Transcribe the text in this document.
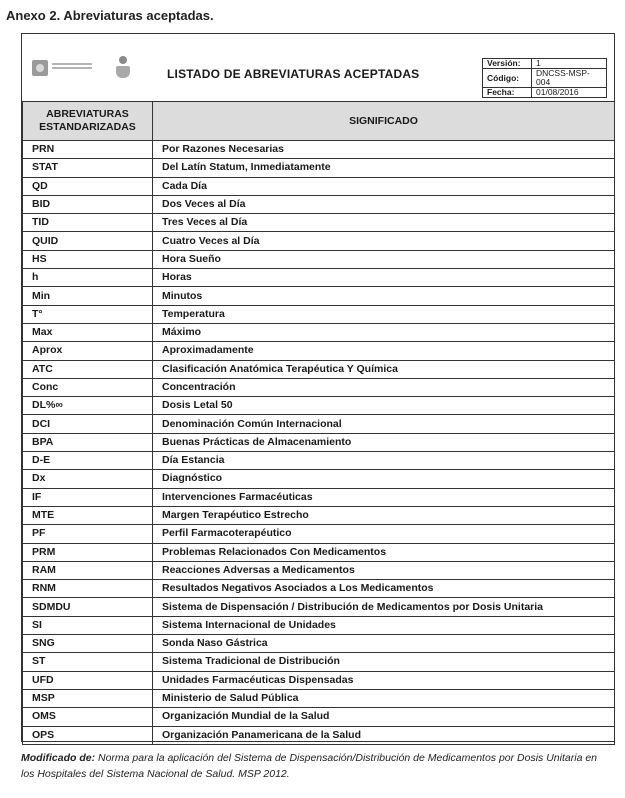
Anexo 2. Abreviaturas aceptadas.
LISTADO DE ABREVIATURAS ACEPTADAS
Versión:	1
Código:	DNCSS-MSP-004
Fecha:	01/08/2016
ABREVIATURAS ESTANDARIZADAS	SIGNIFICADO
PRN	Por Razones Necesarias
STAT	Del Latín Statum, Inmediatamente
QD	Cada Día
BID	Dos Veces al Día
TID	Tres Veces al Día
QUID	Cuatro Veces al Día
HS	Hora Sueño
h	Horas
Min	Minutos
T°	Temperatura
Max	Máximo
Aprox	Aproximadamente
ATC	Clasificación Anatómica Terapéutica Y Química
Conc	Concentración
DL%∞	Dosis Letal 50
DCI	Denominación Común Internacional
BPA	Buenas Prácticas de Almacenamiento
D-E	Día Estancia
Dx	Diagnóstico
IF	Intervenciones Farmacéuticas
MTE	Margen Terapéutico Estrecho
PF	Perfil Farmacoterapéutico
PRM	Problemas Relacionados Con Medicamentos
RAM	Reacciones Adversas a Medicamentos
RNM	Resultados Negativos Asociados a Los Medicamentos
SDMDU	Sistema de Dispensación / Distribución de Medicamentos por Dosis Unitaria
SI	Sistema Internacional de Unidades
SNG	Sonda Naso Gástrica
ST	Sistema Tradicional de Distribución
UFD	Unidades Farmacéuticas Dispensadas
MSP	Ministerio de Salud Pública
OMS	Organización Mundial de la Salud
OPS	Organización Panamericana de la Salud
Modificado de: Norma para la aplicación del Sistema de Dispensación/Distribución de Medicamentos por Dosis Unitaria en los Hospitales del Sistema Nacional de Salud. MSP 2012.
